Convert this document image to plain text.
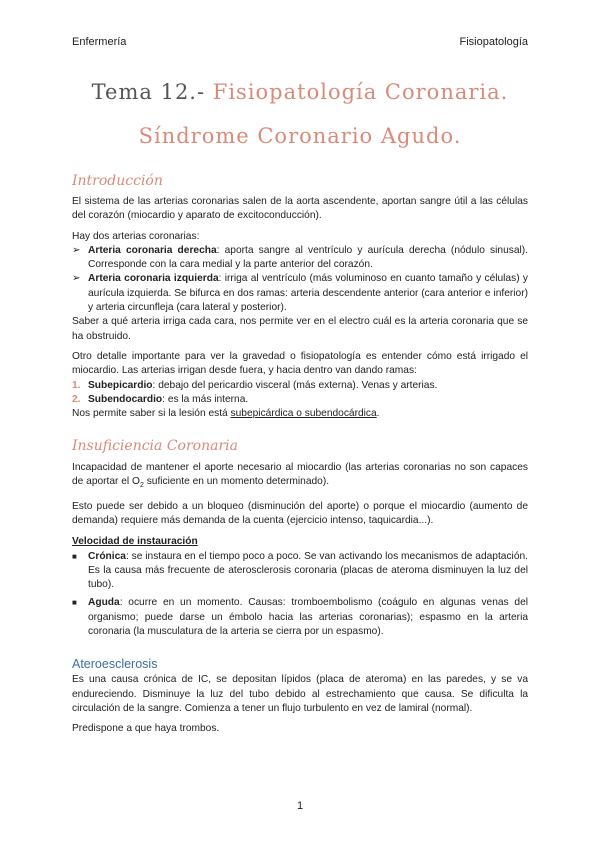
Enfermería	Fisiopatología
Tema 12.- Fisiopatología Coronaria.
Síndrome Coronario Agudo.
Introducción

El sistema de las arterias coronarias salen de la aorta ascendente, aportan sangre útil a las células del corazón (miocardio y aparato de excitoconducción).

Hay dos arterias coronarias:

➢ Arteria coronaria derecha: aporta sangre al ventrículo y aurícula derecha (nódulo sinusal). Corresponde con la cara medial y la parte anterior del corazón.

➢ Arteria coronaria izquierda: irriga al ventrículo (más voluminoso en cuanto tamaño y células) y aurícula izquierda. Se bifurca en dos ramas: arteria descendente anterior (cara anterior e inferior) y arteria circunfleja (cara lateral y posterior).

Saber a qué arteria irriga cada cara, nos permite ver en el electro cuál es la arteria coronaria que se ha obstruido.

Otro detalle importante para ver la gravedad o fisiopatología es entender cómo está irrigado el miocardio. Las arterias irrigan desde fuera, y hacia dentro van dando ramas:

1. Subepicardio: debajo del pericardio visceral (más externa). Venas y arterias.

2. Subendocardio: es la más interna.

Nos permite saber si la lesión está subepicárdica o subendocárdica.

Insuficiencia Coronaria

Incapacidad de mantener el aporte necesario al miocardio (las arterias coronarias no son capaces de aportar el $O_2$ suficiente en un momento determinado).

Esto puede ser debido a un bloqueo (disminución del aporte) o porque el miocardio (aumento de demanda) requiere más demanda de la cuenta (ejercicio intenso, taquicardia...).

Velocidad de instauración

■ Crónica: se instaura en el tiempo poco a poco. Se van activando los mecanismos de adaptación. Es la causa más frecuente de aterosclerosis coronaria (placas de ateroma disminuyen la luz del tubo).

■ Aguda: ocurre en un momento. Causas: tromboembolismo (coágulo en algunas venas del organismo; puede darse un émbolo hacia las arterias coronarias); espasmo en la arteria coronaria (la musculatura de la arteria se cierra por un espasmo).

Ateroesclerosis

Es una causa crónica de IC, se depositan lípidos (placa de ateroma) en las paredes, y se va endureciendo. Disminuye la luz del tubo debido al estrechamiento que causa. Se dificulta la circulación de la sangre. Comienza a tener un flujo turbulento en vez de lamiral (normal).

Predispone a que haya trombos.

1
